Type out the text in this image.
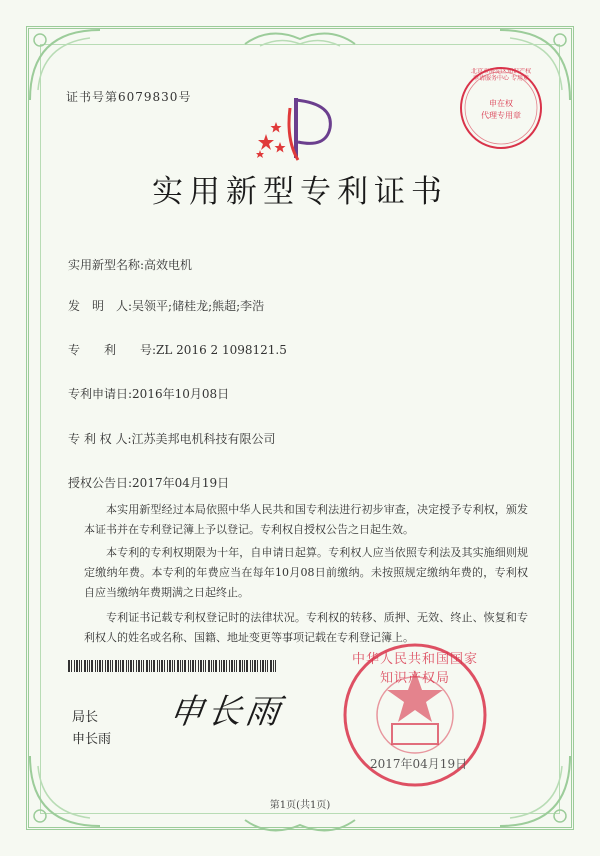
证书号第6079830号
北京市海淀区知识产权申请服务中心 专用章
申在权
代理专用章
实用新型专利证书
实用新型名称:高效电机
发　明　人:吴领平;储桂龙;熊超;李浩
专　　利　　号:ZL 2016 2 1098121.5
专利申请日:2016年10月08日
专 利 权 人:江苏美邦电机科技有限公司
授权公告日:2017年04月19日
本实用新型经过本局依照中华人民共和国专利法进行初步审查，决定授予专利权，颁发本证书并在专利登记簿上予以登记。专利权自授权公告之日起生效。
本专利的专利权期限为十年，自申请日起算。专利权人应当依照专利法及其实施细则规定缴纳年费。本专利的年费应当在每年10月08日前缴纳。未按照规定缴纳年费的，专利权自应当缴纳年费期满之日起终止。
专利证书记载专利权登记时的法律状况。专利权的转移、质押、无效、终止、恢复和专利权人的姓名或名称、国籍、地址变更等事项记载在专利登记簿上。
局长
申长雨
申长雨
中华人民共和国国家知识产权局
2017年04月19日
第1页(共1页)
